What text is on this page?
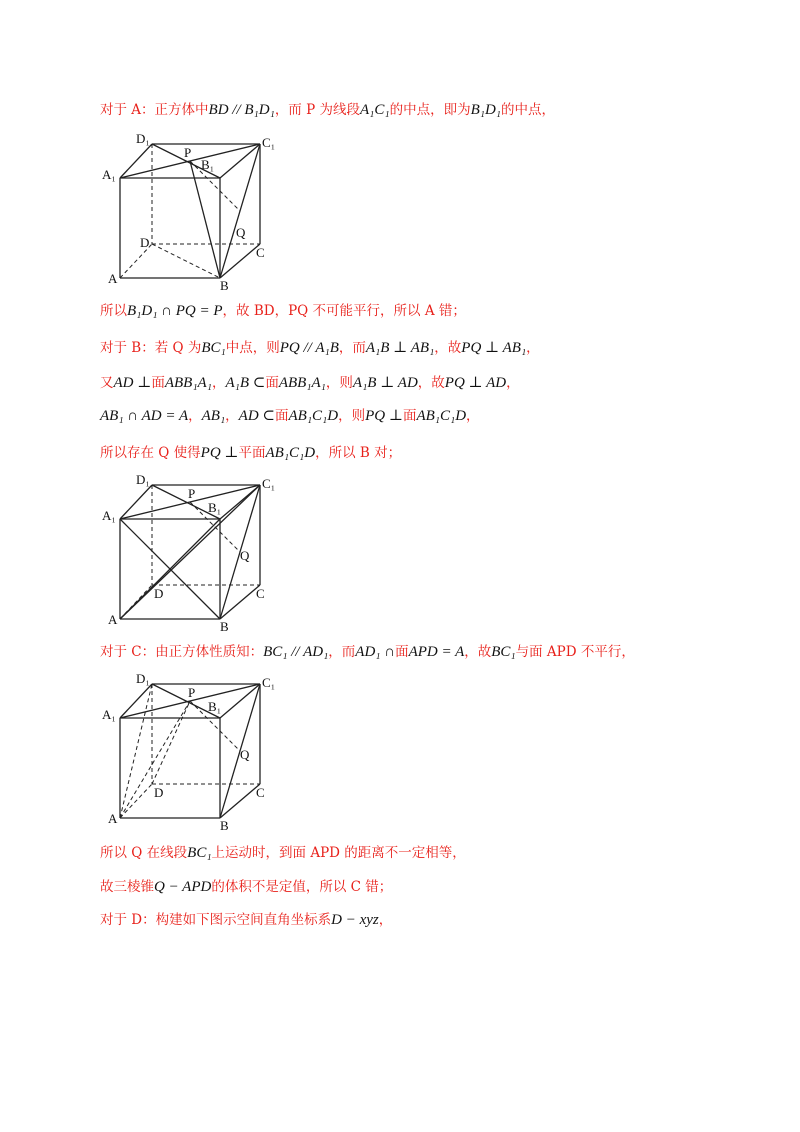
对于 A：正方体中BD // B₁D₁，而 P 为线段A₁C₁的中点，即为B₁D₁的中点，
D₁	C₁
A₁
B₁
P
Q
D
C
A	B
所以B₁D₁ ∩ PQ = P，故 BD，PQ 不可能平行，所以 A 错；
对于 B：若 Q 为BC₁中点，则PQ // A₁B，而A₁B ⊥ AB₁，故PQ ⊥ AB₁，
又AD ⊥面ABB₁A₁，A₁B ⊂面ABB₁A₁，则A₁B ⊥ AD，故PQ ⊥ AD，
AB₁ ∩ AD = A，AB₁，AD ⊂面AB₁C₁D，则PQ ⊥面AB₁C₁D，
所以存在 Q 使得PQ ⊥平面AB₁C₁D，所以 B 对；
D₁	C₁
A₁
B₁
P
Q
D	C
A	B
对于 C：由正方体性质知：BC₁ // AD₁，而AD₁ ∩面APD = A，故BC₁与面 APD 不平行，
D₁	C₁
A₁
B₁
P
Q
D	C
A	B
所以 Q 在线段BC₁上运动时，到面 APD 的距离不一定相等，
故三棱锥Q − APD的体积不是定值，所以 C 错；
对于 D：构建如下图示空间直角坐标系D − xyz，
